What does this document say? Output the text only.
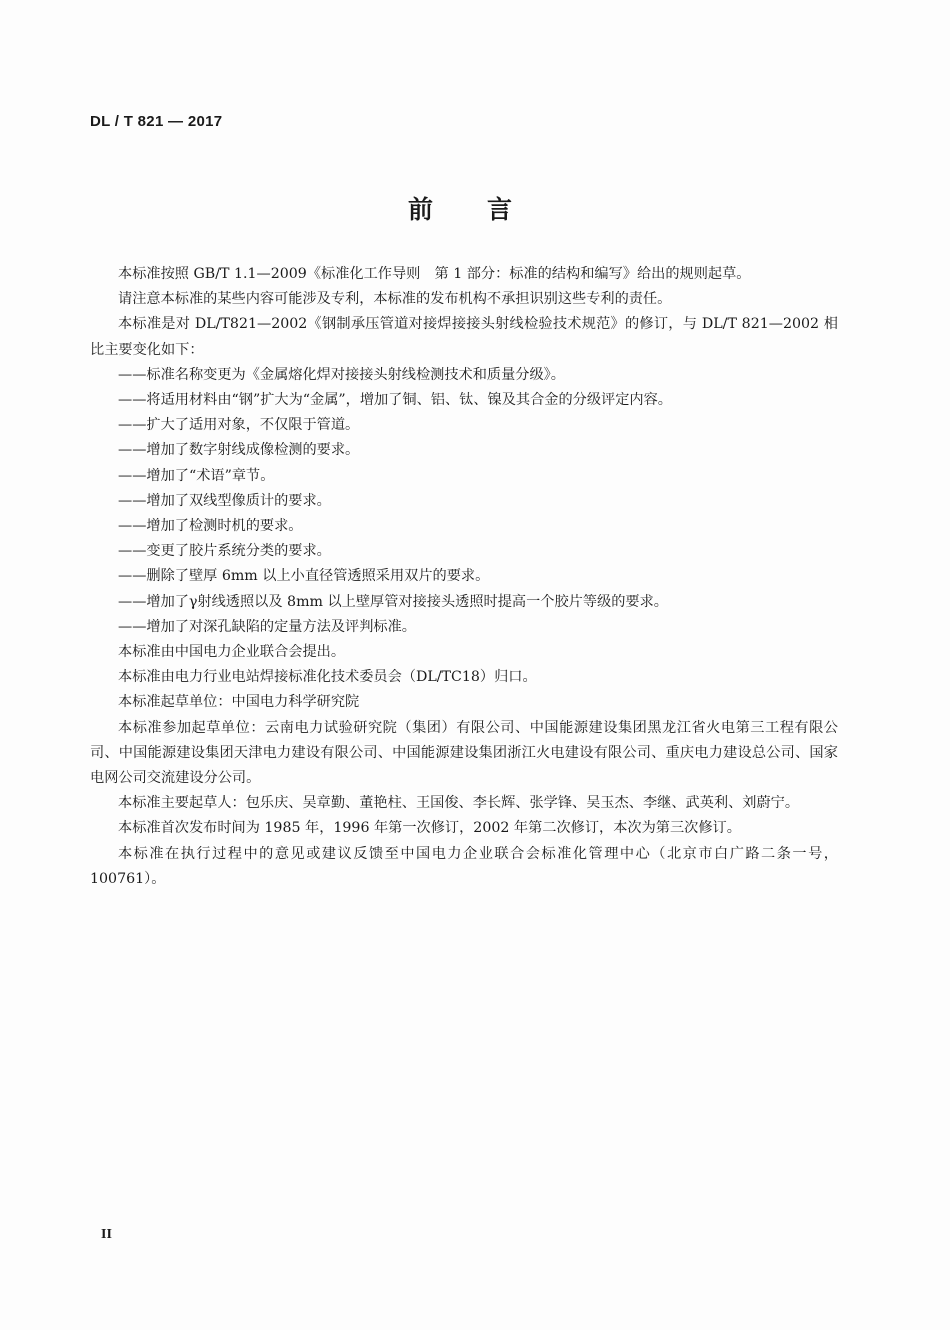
DL / T 821 — 2017
前言

本标准按照 GB/T 1.1—2009《标准化工作导则　第 1 部分：标准的结构和编写》给出的规则起草。

请注意本标准的某些内容可能涉及专利，本标准的发布机构不承担识别这些专利的责任。

本标准是对 DL/T821—2002《钢制承压管道对接焊接接头射线检验技术规范》的修订，与 DL/T 821—2002 相比主要变化如下：

——标准名称变更为《金属熔化焊对接接头射线检测技术和质量分级》。

——将适用材料由“钢”扩大为“金属”，增加了铜、铝、钛、镍及其合金的分级评定内容。

——扩大了适用对象，不仅限于管道。

——增加了数字射线成像检测的要求。

——增加了“术语”章节。

——增加了双线型像质计的要求。

——增加了检测时机的要求。

——变更了胶片系统分类的要求。

——删除了壁厚 6mm 以上小直径管透照采用双片的要求。

——增加了γ射线透照以及 8mm 以上壁厚管对接接头透照时提高一个胶片等级的要求。

——增加了对深孔缺陷的定量方法及评判标准。

本标准由中国电力企业联合会提出。

本标准由电力行业电站焊接标准化技术委员会（DL/TC18）归口。

本标准起草单位：中国电力科学研究院

本标准参加起草单位：云南电力试验研究院（集团）有限公司、中国能源建设集团黑龙江省火电第三工程有限公司、中国能源建设集团天津电力建设有限公司、中国能源建设集团浙江火电建设有限公司、重庆电力建设总公司、国家电网公司交流建设分公司。

本标准主要起草人：包乐庆、吴章勤、董艳柱、王国俊、李长辉、张学锋、吴玉杰、李继、武英利、刘蔚宁。

本标准首次发布时间为 1985 年，1996 年第一次修订，2002 年第二次修订，本次为第三次修订。

本标准在执行过程中的意见或建议反馈至中国电力企业联合会标准化管理中心（北京市白广路二条一号，100761）。

II
